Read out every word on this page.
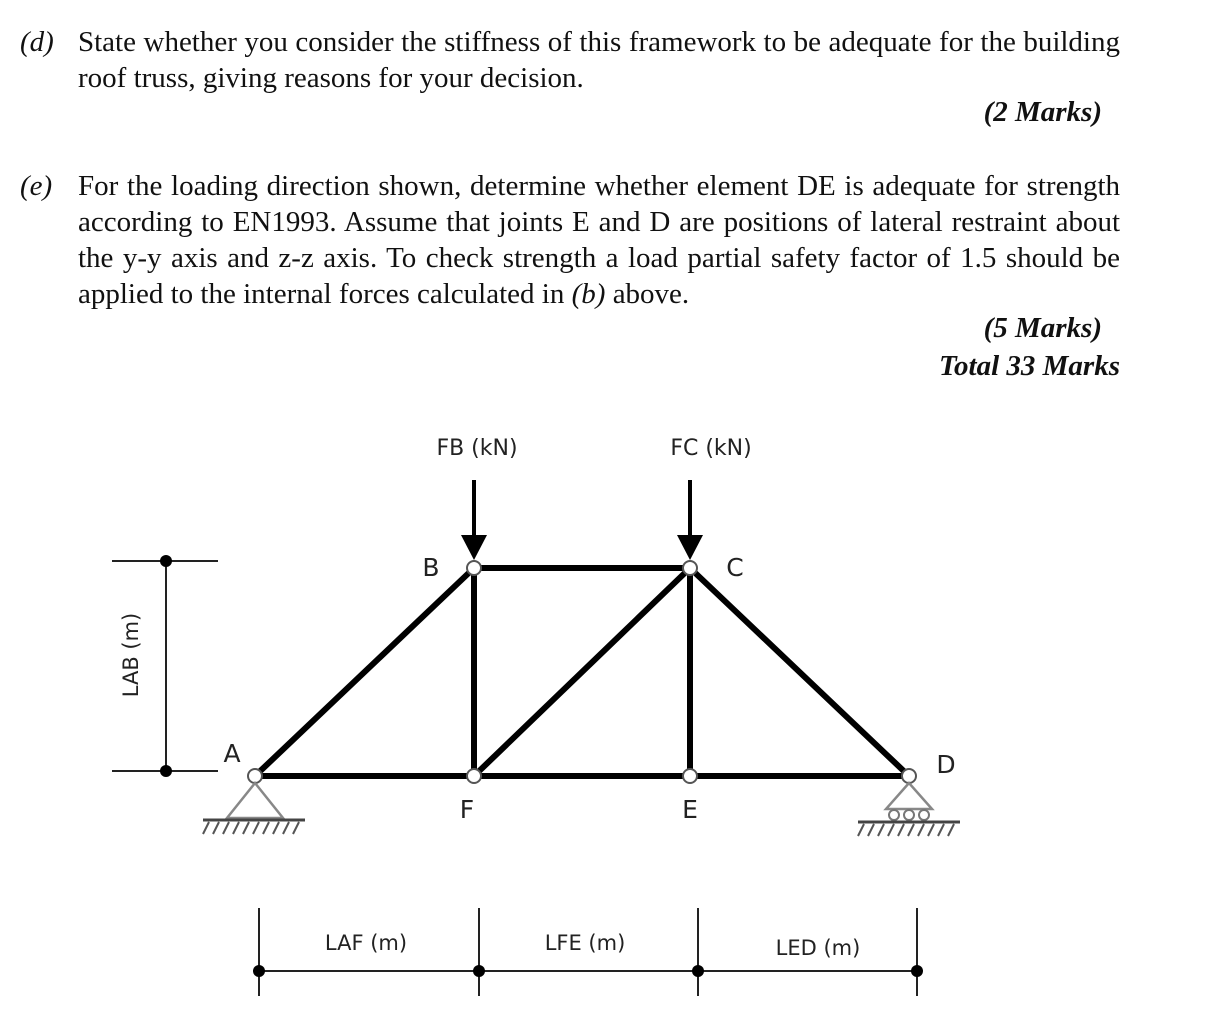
(d) State whether you consider the stiffness of this framework to be adequate for the building roof truss, giving reasons for your decision.
(2 Marks)
(e) For the loading direction shown, determine whether element DE is adequate for strength according to EN1993. Assume that joints E and D are positions of lateral restraint about the y-y axis and z-z axis. To check strength a load partial safety factor of 1.5 should be applied to the internal forces calculated in (b) above.
(5 Marks)
Total 33 Marks
FB (kN)	FC (kN)
LAB (m)
A
B	C
D
E
F
LAF (m)	LFE (m)	LED (m)
